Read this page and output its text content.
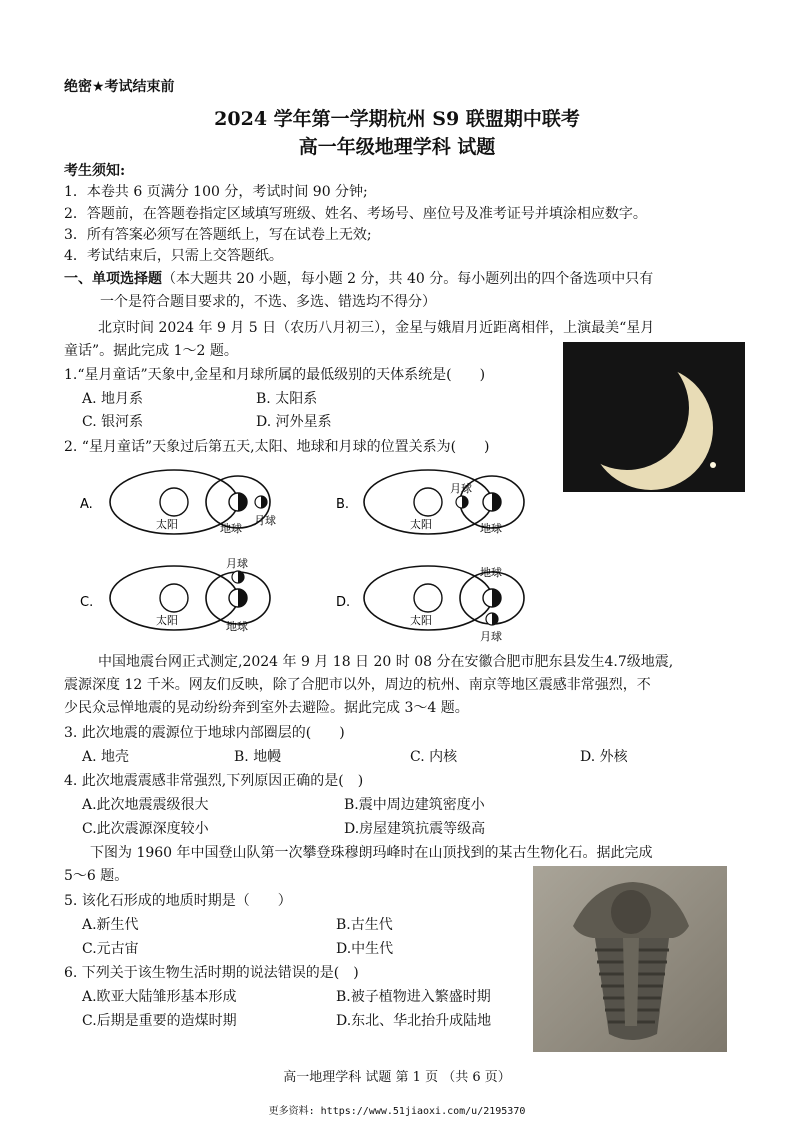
绝密★考试结束前
2024 学年第一学期杭州 S9 联盟期中联考
高一年级地理学科 试题
考生须知:
1．本卷共 6 页满分 100 分，考试时间 90 分钟;
2．答题前，在答题卷指定区域填写班级、姓名、考场号、座位号及准考证号并填涂相应数字。
3．所有答案必须写在答题纸上，写在试卷上无效;
4．考试结束后，只需上交答题纸。
一、单项选择题（本大题共 20 小题，每小题 2 分，共 40 分。每小题列出的四个备选项中只有
一个是符合题目要求的，不选、多选、错选均不得分）
北京时间 2024 年 9 月 5 日（农历八月初三），金星与娥眉月近距离相伴，上演最美“星月
童话”。据此完成 1～2 题。
1.“星月童话”天象中,金星和月球所属的最低级别的天体系统是(　　)
A. 地月系	B. 太阳系
C. 银河系	D. 河外星系
2. “星月童话”天象过后第五天,太阳、地球和月球的位置关系为(　　)
A.
太阳	地球
月球
B.
太阳	地球
月球
C.
太阳	地球
月球
D.
太阳
地球
月球
中国地震台网正式测定,2024 年 9 月 18 日 20 时 08 分在安徽合肥市肥东县发生4.7级地震,
震源深度 12 千米。网友们反映，除了合肥市以外，周边的杭州、南京等地区震感非常强烈，不
少民众忌惮地震的晃动纷纷奔到室外去避险。据此完成 3～4 题。
3. 此次地震的震源位于地球内部圈层的(　　)
A. 地壳	B. 地幔	C. 内核	D. 外核
4. 此次地震震感非常强烈,下列原因正确的是(　)
A.此次地震震级很大	B.震中周边建筑密度小
C.此次震源深度较小	D.房屋建筑抗震等级高
下图为 1960 年中国登山队第一次攀登珠穆朗玛峰时在山顶找到的某古生物化石。据此完成
5～6 题。
5. 该化石形成的地质时期是（　　）
A.新生代	B.古生代
C.元古宙	D.中生代
6. 下列关于该生物生活时期的说法错误的是(　)
A.欧亚大陆雏形基本形成	B.被子植物进入繁盛时期
C.后期是重要的造煤时期	D.东北、华北抬升成陆地
高一地理学科 试题 第 1 页 （共 6 页）
更多资料: https://www.51jiaoxi.com/u/2195370
